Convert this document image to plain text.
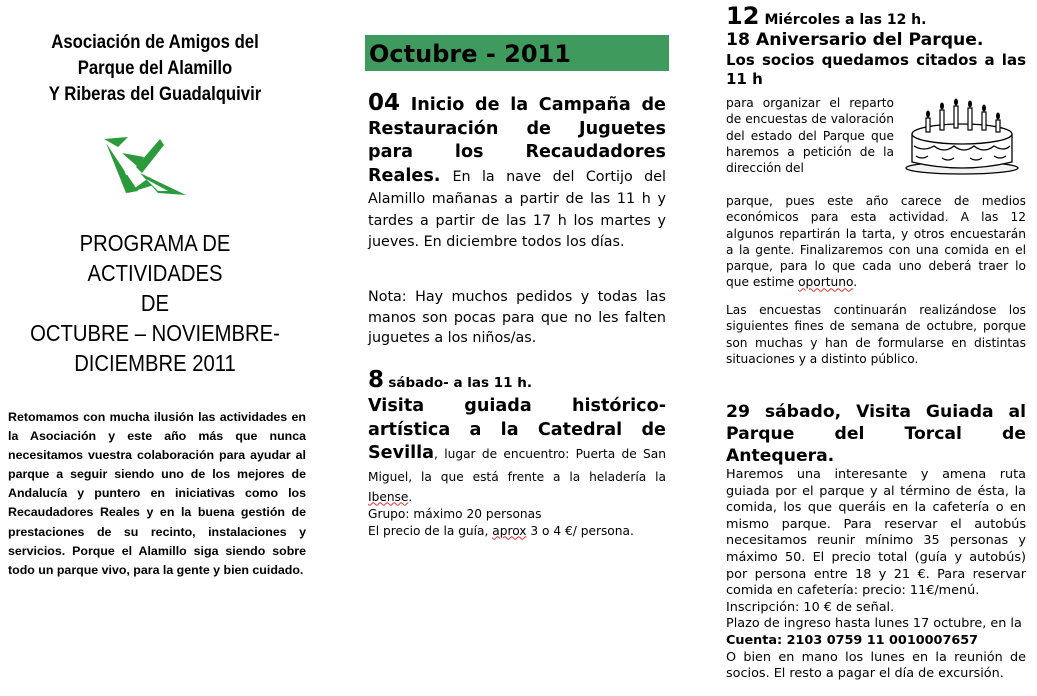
Asociación de Amigos del
Parque del Alamillo
Y Riberas del Guadalquivir
PROGRAMA DE
ACTIVIDADES
DE
OCTUBRE – NOVIEMBRE-
DICIEMBRE 2011
Retomamos con mucha ilusión las actividades en la Asociación y este año más que nunca necesitamos vuestra colaboración para ayudar al parque a seguir siendo uno de los mejores de Andalucía y puntero en iniciativas como los Recaudadores Reales y en la buena gestión de prestaciones de su recinto, instalaciones y servicios. Porque el Alamillo siga siendo sobre todo un parque vivo, para la gente y bien cuidado.
Octubre - 2011
04 Inicio de la Campaña de Restauración de Juguetes para los Recaudadores Reales. En la nave del Cortijo del Alamillo mañanas a partir de las 11 h y tardes a partir de las 17 h los martes y jueves. En diciembre todos los días.
Nota: Hay muchos pedidos y todas las manos son pocas para que no les falten juguetes a los niños/as.
8 sábado- a las 11 h.
Visita guiada histórico-artística a la Catedral de Sevilla, lugar de encuentro: Puerta de San Miguel, la que está frente a la heladería la Ibense.
Grupo: máximo 20 personas
El precio de la guía, aprox 3 o 4 €/ persona.
12 Miércoles a las 12 h.
18 Aniversario del Parque.
Los socios quedamos citados a las 11 h
para organizar el reparto de encuestas de valoración del estado del Parque que haremos a petición de la dirección del
parque, pues este año carece de medios económicos para esta actividad. A las 12 algunos repartirán la tarta, y otros encuestarán a la gente. Finalizaremos con una comida en el parque, para lo que cada uno deberá traer lo que estime oportuno.
Las encuestas continuarán realizándose los siguientes fines de semana de octubre, porque son muchas y han de formularse en distintas situaciones y a distinto público.
29 sábado, Visita Guiada al Parque del Torcal de Antequera.
Haremos una interesante y amena ruta guiada por el parque y al término de ésta, la comida, los que queráis en la cafetería o en mismo parque. Para reservar el autobús necesitamos reunir mínimo 35 personas y máximo 50. El precio total (guía y autobús) por persona entre 18 y 21 €. Para reservar comida en cafetería: precio: 11€/menú.
Inscripción: 10 € de señal.
Plazo de ingreso hasta lunes 17 octubre, en la
Cuenta: 2103 0759 11 0010007657
O bien en mano los lunes en la reunión de socios. El resto a pagar el día de excursión.
